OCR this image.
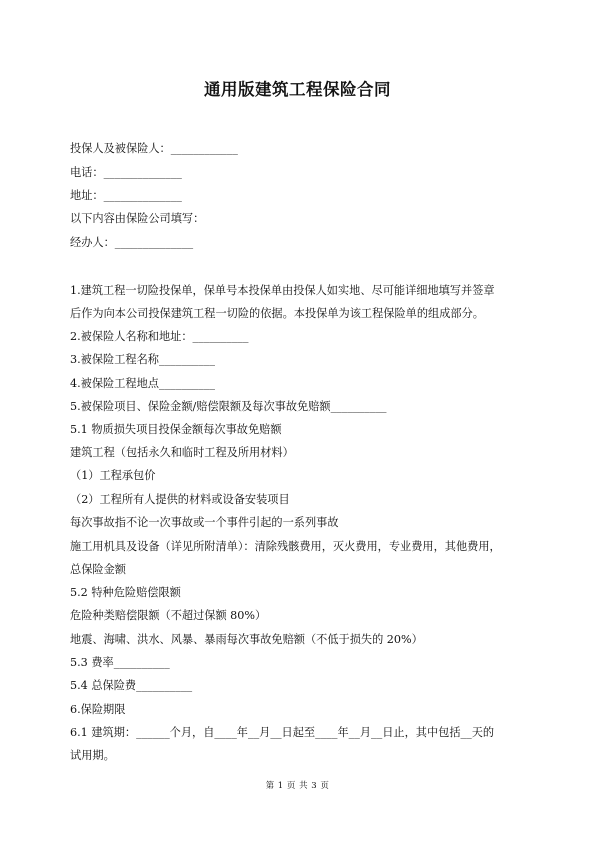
通用版建筑工程保险合同
投保人及被保险人：____________
电话：______________
地址：______________
以下内容由保险公司填写：
经办人：______________
1.建筑工程一切险投保单，保单号本投保单由投保人如实地、尽可能详细地填写并签章
后作为向本公司投保建筑工程一切险的依据。本投保单为该工程保险单的组成部分。
2.被保险人名称和地址：__________
3.被保险工程名称__________
4.被保险工程地点__________
5.被保险项目、保险金额/赔偿限额及每次事故免赔额__________
5.1 物质损失项目投保金额每次事故免赔额
建筑工程（包括永久和临时工程及所用材料）
（1）工程承包价
（2）工程所有人提供的材料或设备安装项目
每次事故指不论一次事故或一个事件引起的一系列事故
施工用机具及设备（详见所附清单）：清除残骸费用，灭火费用，专业费用，其他费用，
总保险金额
5.2 特种危险赔偿限额
危险种类赔偿限额（不超过保额 80%）
地震、海啸、洪水、风暴、暴雨每次事故免赔额（不低于损失的 20%）
5.3 费率__________
5.4 总保险费__________
6.保险期限
6.1 建筑期：______个月，自____年__月__日起至____年__月__日止，其中包括__天的
试用期。
第 1 页 共 3 页
